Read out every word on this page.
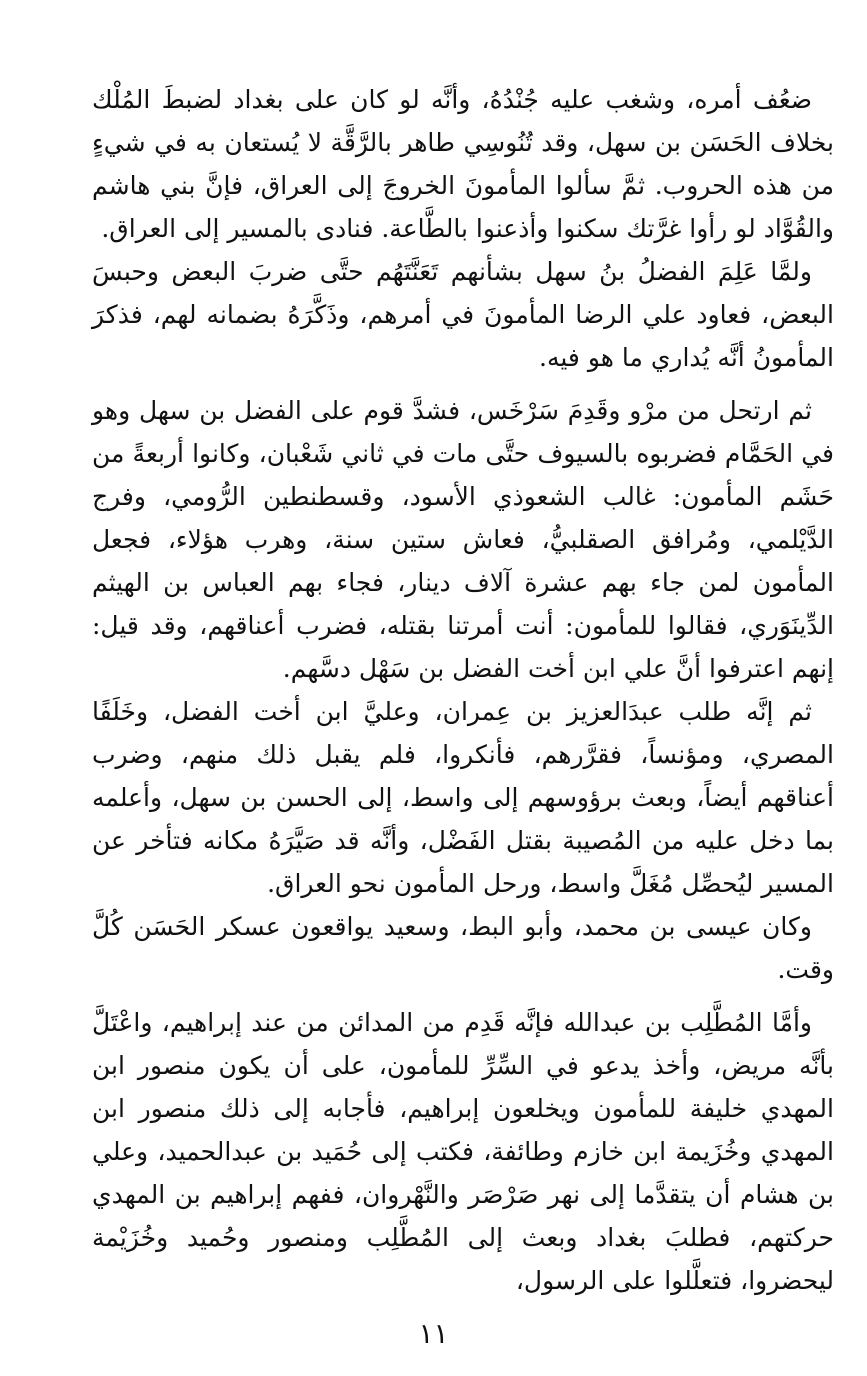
ضعُف أمره، وشغب عليه جُنْدُهُ، وأنَّه لو كان على بغداد لضبطَ المُلْك بخلاف الحَسَن بن سهل، وقد تُنُوسِي طاهر بالرَّقَّة لا يُستعان به في شيءٍ من هذه الحروب. ثمَّ سألوا المأمونَ الخروجَ إلى العراق، فإنَّ بني هاشم والقُوَّاد لو رأوا غرَّتك سكنوا وأذعنوا بالطَّاعة. فنادى بالمسير إلى العراق.

ولمَّا عَلِمَ الفضلُ بنُ سهل بشأنهم تَعَنَّتَهُم حتَّى ضربَ البعض وحبسَ البعض، فعاود علي الرضا المأمونَ في أمرهم، وذَكَّرَهُ بضمانه لهم، فذكرَ المأمونُ أنَّه يُداري ما هو فيه.

ثم ارتحل من مرْو وقَدِمَ سَرْخَس، فشدَّ قوم على الفضل بن سهل وهو في الحَمَّام فضربوه بالسيوف حتَّى مات في ثاني شَعْبان، وكانوا أربعةً من حَشَم المأمون: غالب الشعوذي الأسود، وقسطنطين الرُّومي، وفرج الدَّيْلمي، ومُرافق الصقلبيُّ، فعاش ستين سنة، وهرب هؤلاء، فجعل المأمون لمن جاء بهم عشرة آلاف دينار، فجاء بهم العباس بن الهيثم الدِّينَوَري، فقالوا للمأمون: أنت أمرتنا بقتله، فضرب أعناقهم، وقد قيل: إنهم اعترفوا أنَّ علي ابن أخت الفضل بن سَهْل دسَّهم.

ثم إنَّه طلب عبدَالعزيز بن عِمران، وعليَّ ابن أخت الفضل، وخَلَفًا المصري، ومؤنساً، فقرَّرهم، فأنكروا، فلم يقبل ذلك منهم، وضرب أعناقهم أيضاً، وبعث برؤوسهم إلى واسط، إلى الحسن بن سهل، وأعلمه بما دخل عليه من المُصيبة بقتل الفَضْل، وأنَّه قد صَيَّرَهُ مكانه فتأخر عن المسير ليُحصِّل مُغَلَّ واسط، ورحل المأمون نحو العراق.

وكان عيسى بن محمد، وأبو البط، وسعيد يواقعون عسكر الحَسَن كُلَّ وقت.

وأمَّا المُطَّلِب بن عبدالله فإنَّه قَدِم من المدائن من عند إبراهيم، واعْتَلَّ بأنَّه مريض، وأخذ يدعو في السِّرِّ للمأمون، على أن يكون منصور ابن المهدي خليفة للمأمون ويخلعون إبراهيم، فأجابه إلى ذلك منصور ابن المهدي وخُزَيمة ابن خازم وطائفة، فكتب إلى حُمَيد بن عبدالحميد، وعلي بن هشام أن يتقدَّما إلى نهر صَرْصَر والنَّهْروان، ففهم إبراهيم بن المهدي حركتهم، فطلبَ بغداد وبعث إلى المُطَّلِب ومنصور وحُميد وخُزَيْمة ليحضروا، فتعلَّلوا على الرسول،

١١
